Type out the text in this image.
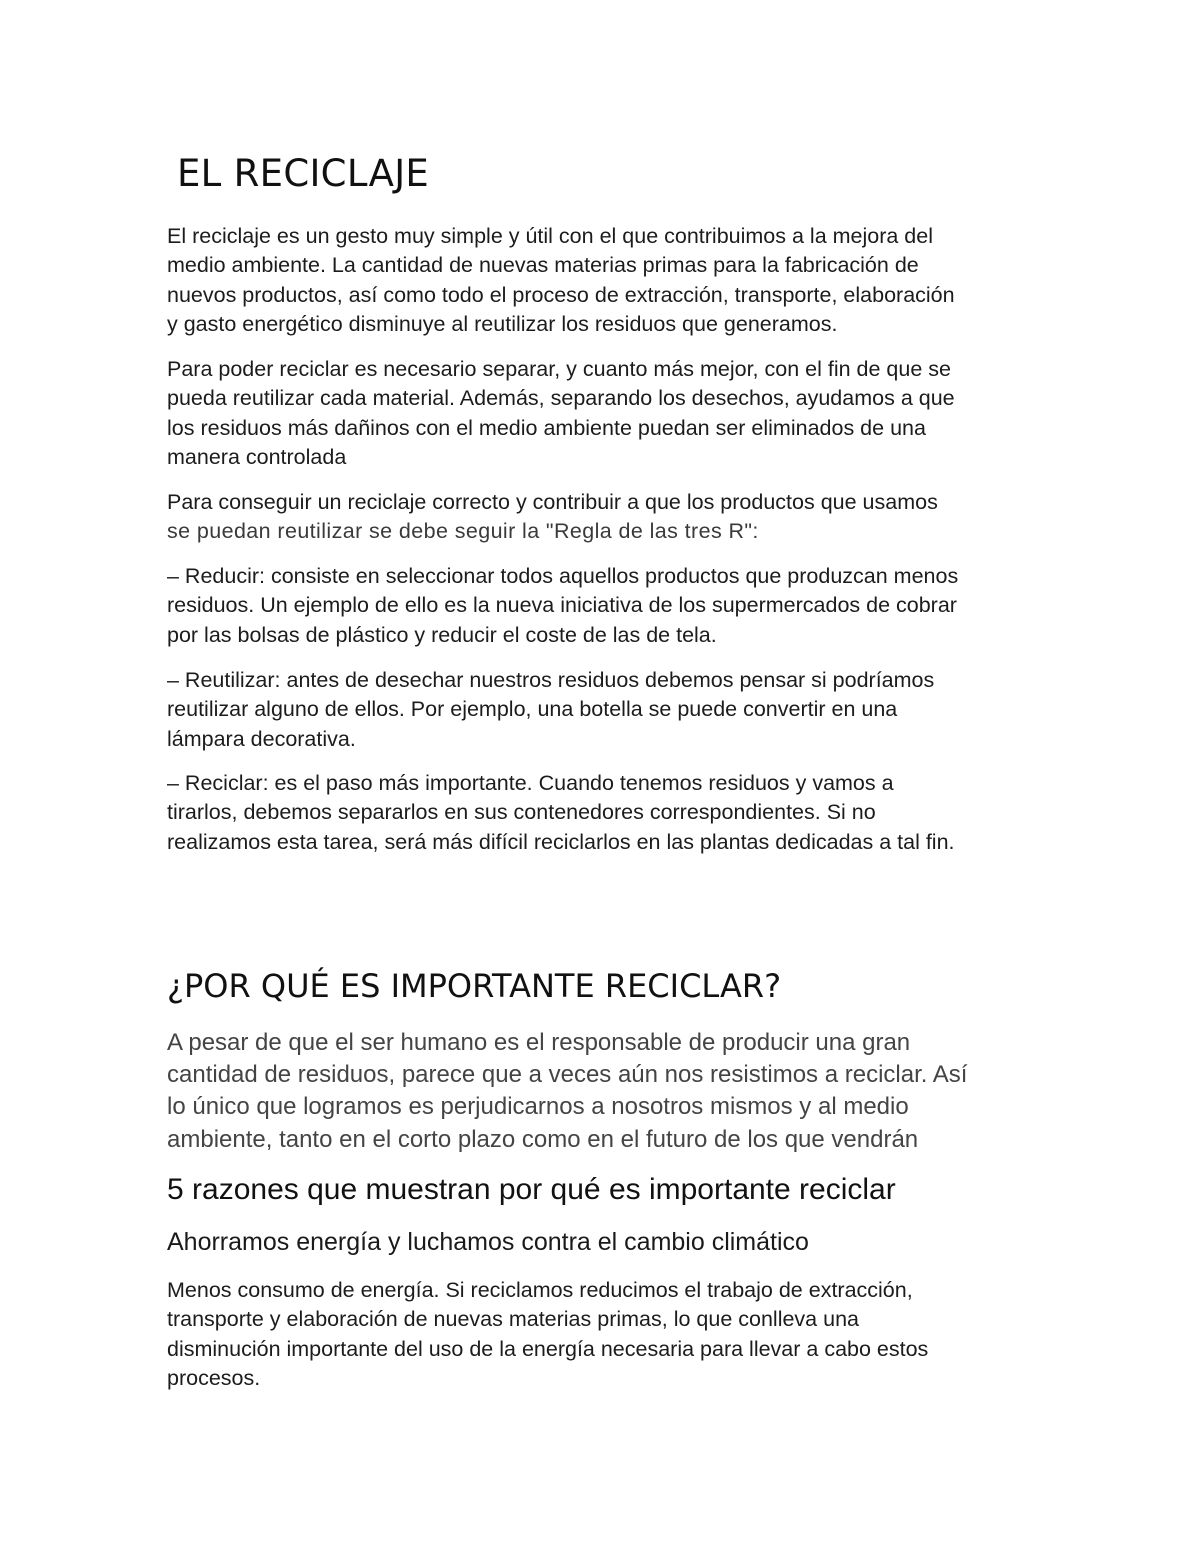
EL RECICLAJE
El reciclaje es un gesto muy simple y útil con el que contribuimos a la mejora del
medio ambiente. La cantidad de nuevas materias primas para la fabricación de
nuevos productos, así como todo el proceso de extracción, transporte, elaboración
y gasto energético disminuye al reutilizar los residuos que generamos.
Para poder reciclar es necesario separar, y cuanto más mejor, con el fin de que se
pueda reutilizar cada material. Además, separando los desechos, ayudamos a que
los residuos más dañinos con el medio ambiente puedan ser eliminados de una
manera controlada
Para conseguir un reciclaje correcto y contribuir a que los productos que usamos
se puedan reutilizar se debe seguir la "Regla de las tres R":
– Reducir: consiste en seleccionar todos aquellos productos que produzcan menos
residuos. Un ejemplo de ello es la nueva iniciativa de los supermercados de cobrar
por las bolsas de plástico y reducir el coste de las de tela.
– Reutilizar: antes de desechar nuestros residuos debemos pensar si podríamos
reutilizar alguno de ellos. Por ejemplo, una botella se puede convertir en una
lámpara decorativa.
– Reciclar: es el paso más importante. Cuando tenemos residuos y vamos a
tirarlos, debemos separarlos en sus contenedores correspondientes. Si no
realizamos esta tarea, será más difícil reciclarlos en las plantas dedicadas a tal fin.
¿POR QUÉ ES IMPORTANTE RECICLAR?
A pesar de que el ser humano es el responsable de producir una gran
cantidad de residuos, parece que a veces aún nos resistimos a reciclar. Así
lo único que logramos es perjudicarnos a nosotros mismos y al medio
ambiente, tanto en el corto plazo como en el futuro de los que vendrán
5 razones que muestran por qué es importante reciclar
Ahorramos energía y luchamos contra el cambio climático
Menos consumo de energía. Si reciclamos reducimos el trabajo de extracción,
transporte y elaboración de nuevas materias primas, lo que conlleva una
disminución importante del uso de la energía necesaria para llevar a cabo estos
procesos.
